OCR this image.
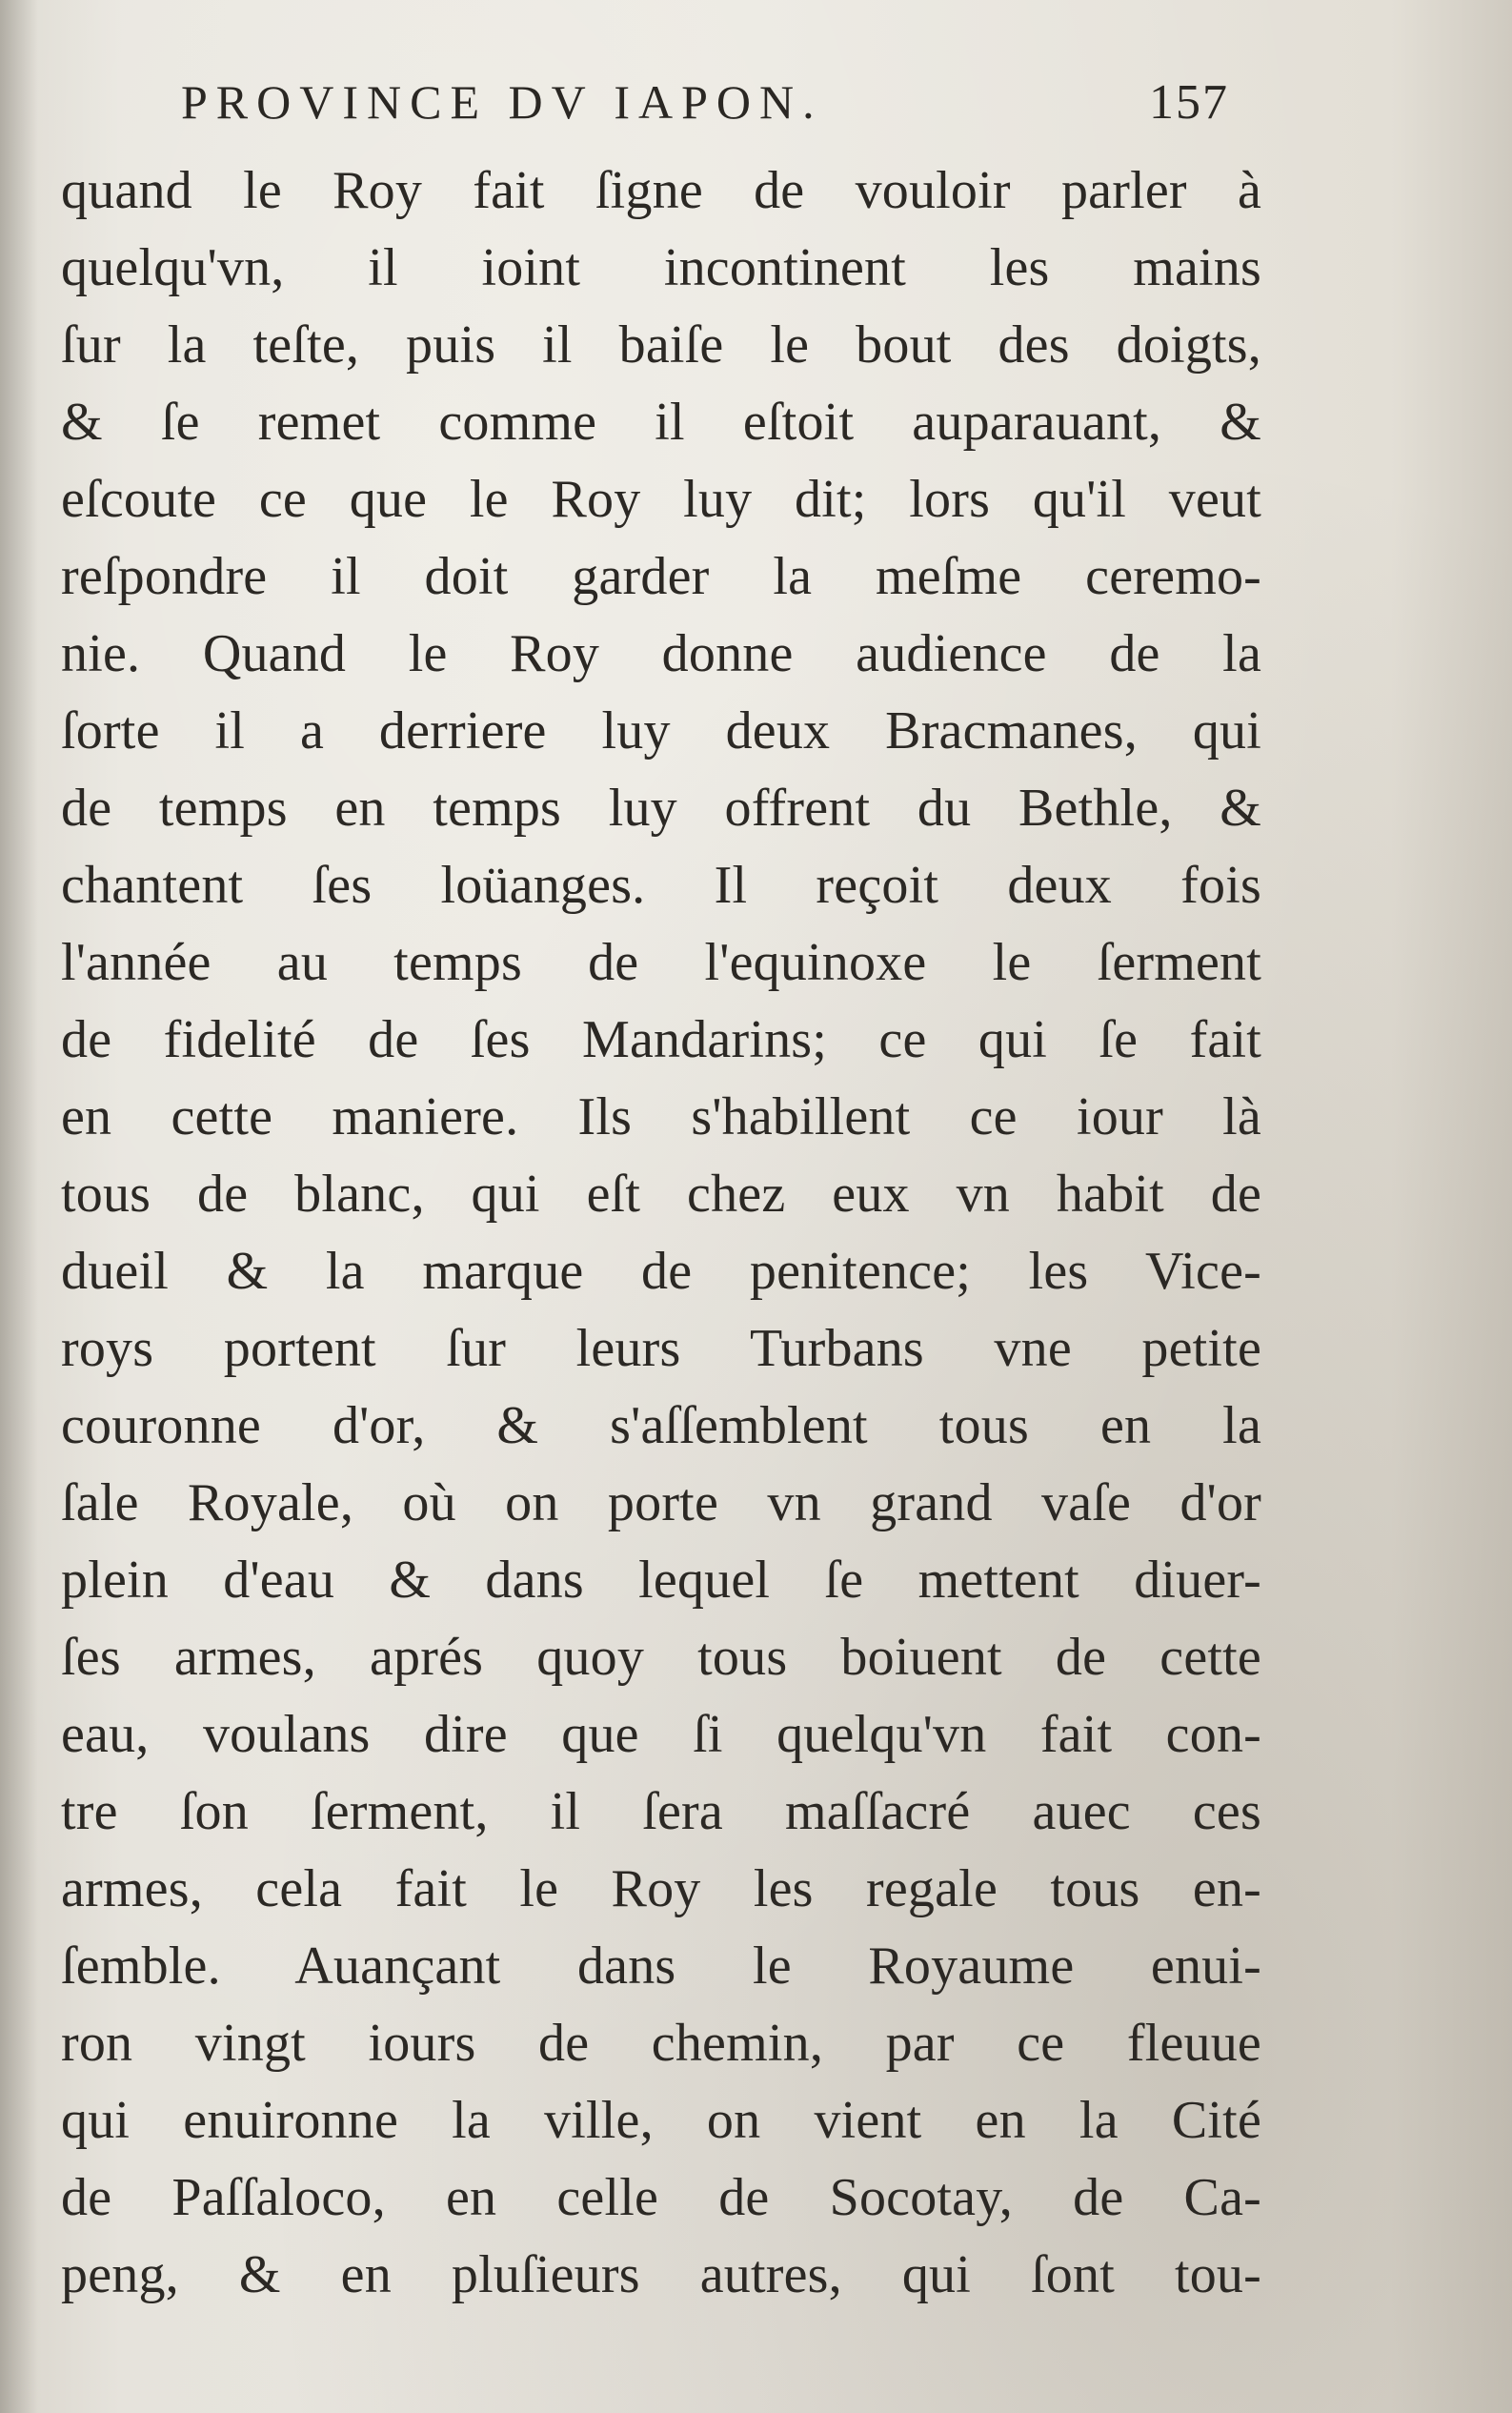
PROVINCE DV IAPON.	157
quand le Roy fait ſigne de vouloir parler à
quelqu'vn, il ioint incontinent les mains
ſur la teſte, puis il baiſe le bout des doigts,
& ſe remet comme il eſtoit auparauant, &
eſcoute ce que le Roy luy dit; lors qu'il veut
reſpondre il doit garder la meſme ceremo-
nie. Quand le Roy donne audience de la
ſorte il a derriere luy deux Bracmanes, qui
de temps en temps luy offrent du Bethle, &
chantent ſes loüanges. Il reçoit deux fois
l'année au temps de l'equinoxe le ſerment
de fidelité de ſes Mandarins; ce qui ſe fait
en cette maniere. Ils s'habillent ce iour là
tous de blanc, qui eſt chez eux vn habit de
dueil & la marque de penitence; les Vice-
roys portent ſur leurs Turbans vne petite
couronne d'or, & s'aſſemblent tous en la
ſale Royale, où on porte vn grand vaſe d'or
plein d'eau & dans lequel ſe mettent diuer-
ſes armes, aprés quoy tous boiuent de cette
eau, voulans dire que ſi quelqu'vn fait con-
tre ſon ſerment, il ſera maſſacré auec ces
armes, cela fait le Roy les regale tous en-
ſemble. Auançant dans le Royaume enui-
ron vingt iours de chemin, par ce fleuue
qui enuironne la ville, on vient en la Cité
de Paſſaloco, en celle de Socotay, de Ca-
peng, & en pluſieurs autres, qui ſont tou-
